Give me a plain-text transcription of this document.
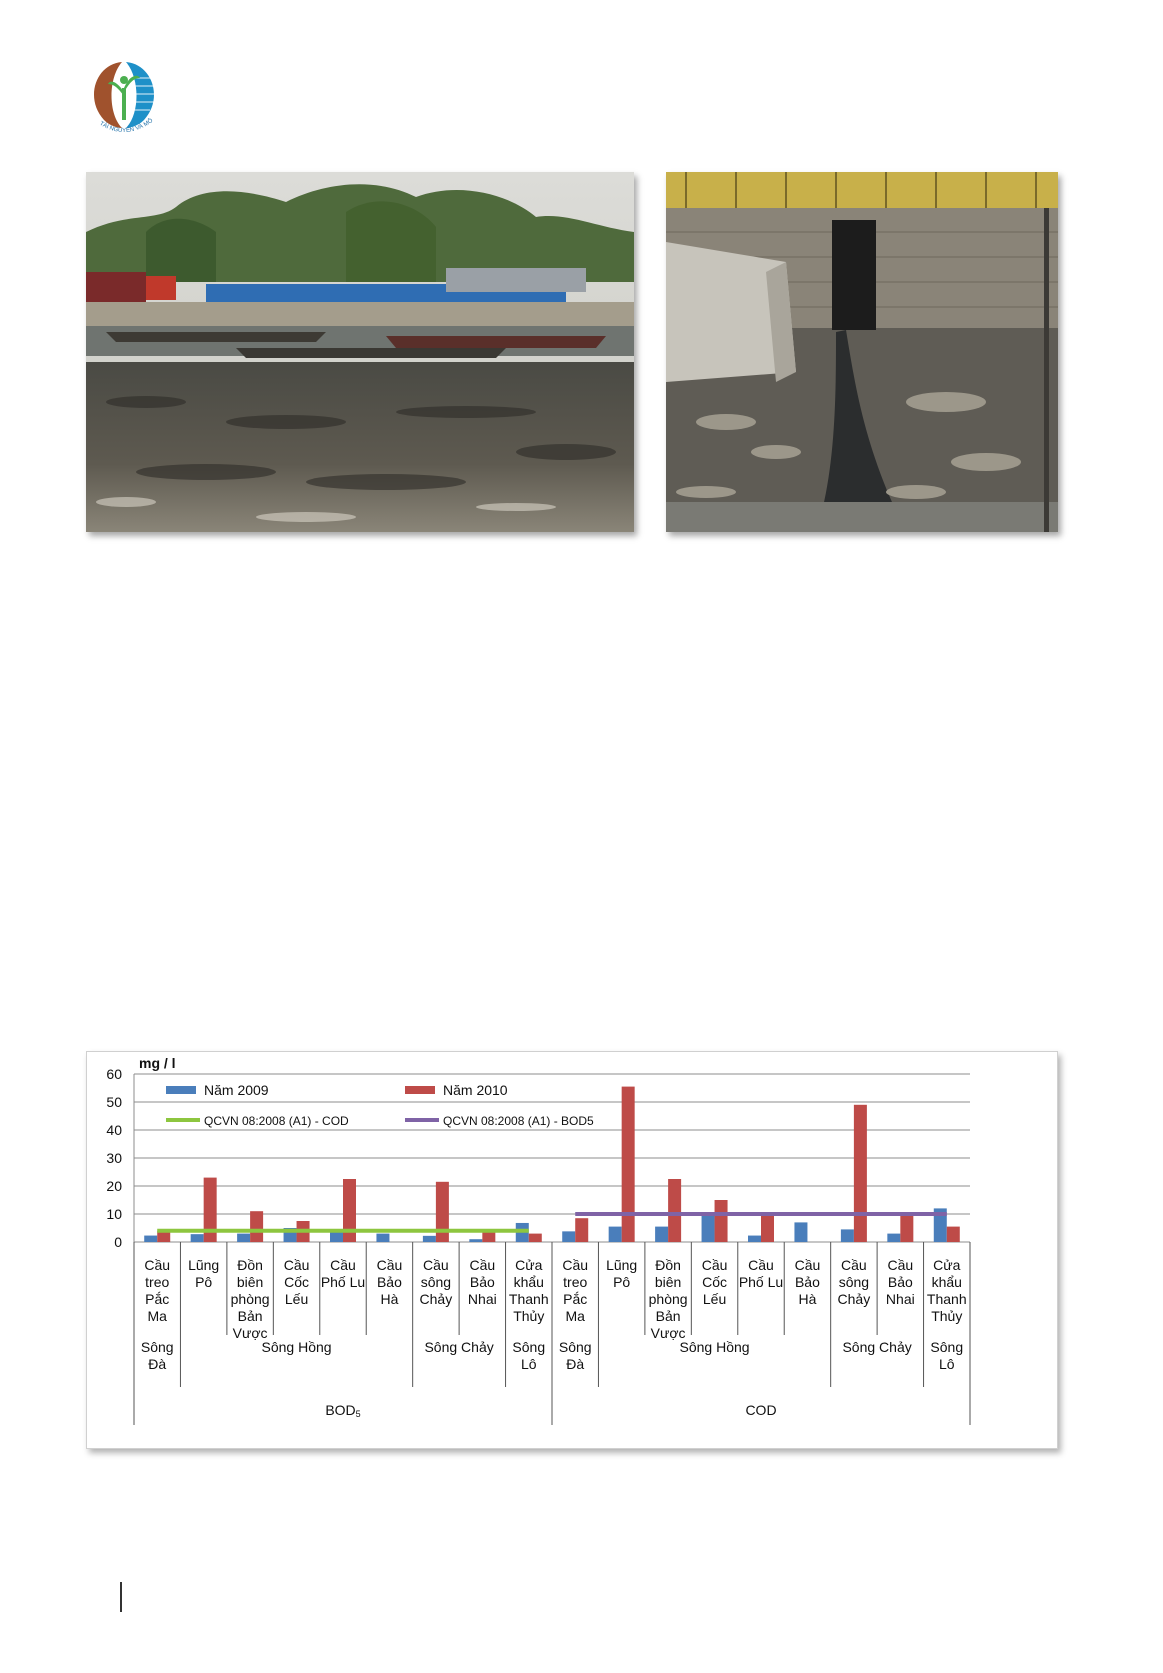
TÀI NGUYÊN VÀ MÔ
0
10
20
30
40
50
60
mg / l
Năm 2009	Năm 2010
QCVN 08:2008 (A1) - COD	QCVN 08:2008 (A1) - BOD5
Cầu
treo
Pắc
Ma
Lũng
Pô
Đồn
biên
phòng
Bản
Vược
Cầu
Cốc
Lếu
Cầu
Phố Lu
Cầu
Bảo
Hà
Cầu
sông
Chảy
Cầu
Bảo
Nhai
Cửa
khẩu
Thanh
Thủy
Cầu
treo
Pắc
Ma
Lũng
Pô
Đồn
biên
phòng
Bản
Vược
Cầu
Cốc
Lếu
Cầu
Phố Lu
Cầu
Bảo
Hà
Cầu
sông
Chảy
Cầu
Bảo
Nhai
Cửa
khẩu
Thanh
Thủy
Sông
Đà
Sông Hồng	Sông Chảy Sông
Lô
Sông
Đà
Sông Hồng	Sông Chảy Sông
Lô
BOD5	COD
